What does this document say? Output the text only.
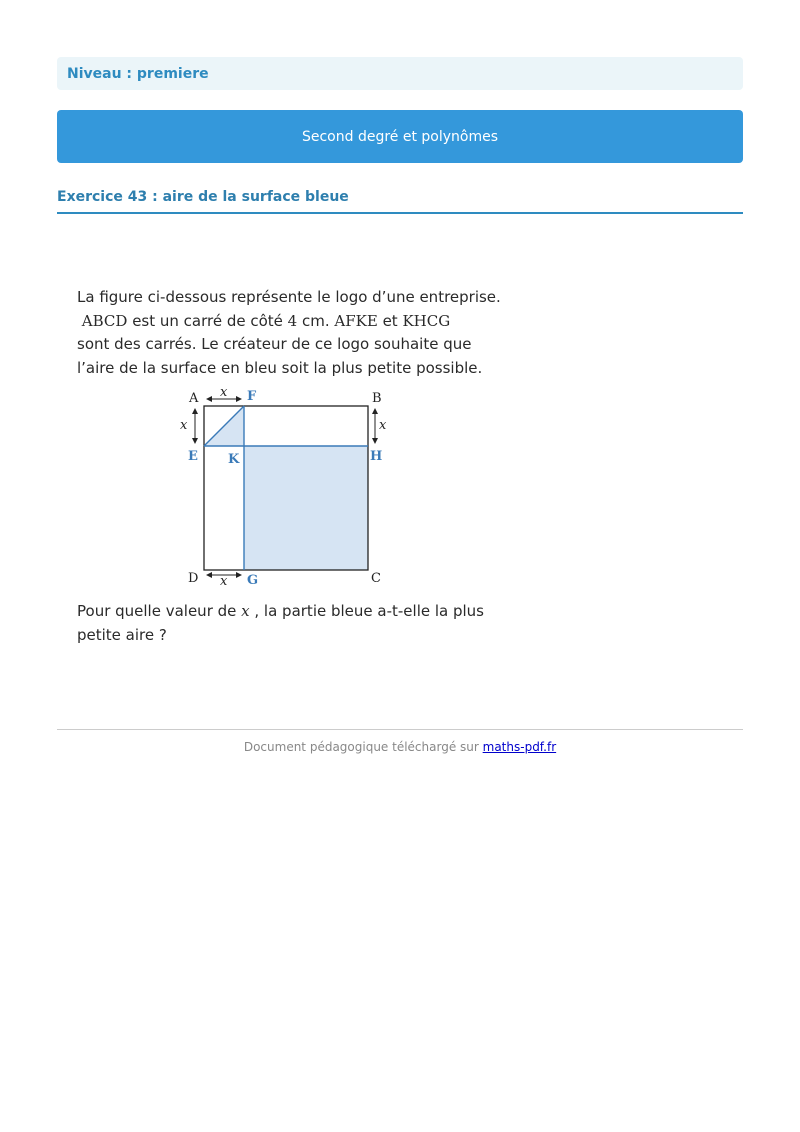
Niveau : premiere
Second degré et polynômes
Exercice 43 : aire de la surface bleue

La figure ci-dessous représente le logo d’une entreprise.

ABCD est un carré de côté 4 cm. AFKE et KHCG

sont des carrés. Le créateur de ce logo souhaite que

l’aire de la surface en bleu soit la plus petite possible.

x
x	x
x
A	F	B
E K	H
D	G	C

Pour quelle valeur de x , la partie bleue a-t-elle la plus

petite aire ?

Document pédagogique téléchargé sur maths-pdf.fr
